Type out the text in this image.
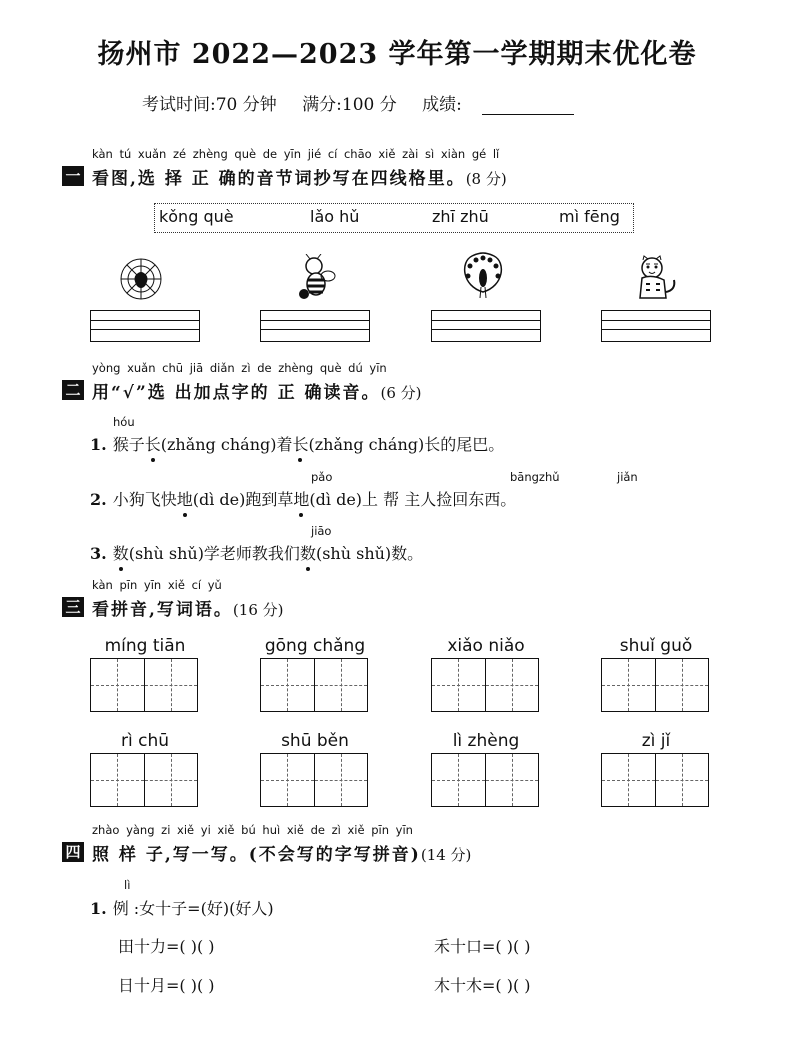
扬州市 2022—2023 学年第一学期期末优化卷
考试时间:70 分钟 满分:100 分 成绩:
kàn tú xuǎn zé zhèng què de yīn jié cí chāo xiě zài sì xiàn gé lǐ
一 看图,选 择 正 确的音节词抄写在四线格里。(8 分)
kǒng què	lǎo hǔ	zhī zhū	mì fēng
yòng xuǎn chū jiā diǎn zì de zhèng què dú yīn
二 用“√”选 出加点字的 正 确读音。(6 分)
hóu
1. 猴子长(zhǎng cháng)着长(zhǎng cháng)长的尾巴。
pǎo	bāngzhǔ	jiǎn
2. 小狗飞快地(dì de)跑到草地(dì de)上 帮 主人捡回东西。
jiāo
3. 数(shù shǔ)学老师教我们数(shù shǔ)数。
kàn pīn yīn xiě cí yǔ
三 看拼音,写词语。(16 分)
míng tiān	gōng chǎng	xiǎo niǎo	shuǐ guǒ
rì chū	shū běn	lì zhèng	zì jǐ
zhào yàng zi xiě yi xiě bú huì xiě de zì xiě pīn yīn
四 照 样 子,写一写。(不会写的字写拼音)(14 分)
lì
1. 例 :女十子=(好)(好人)
田十力=( )( )	禾十口=( )( )
日十月=( )( )	木十木=( )( )
